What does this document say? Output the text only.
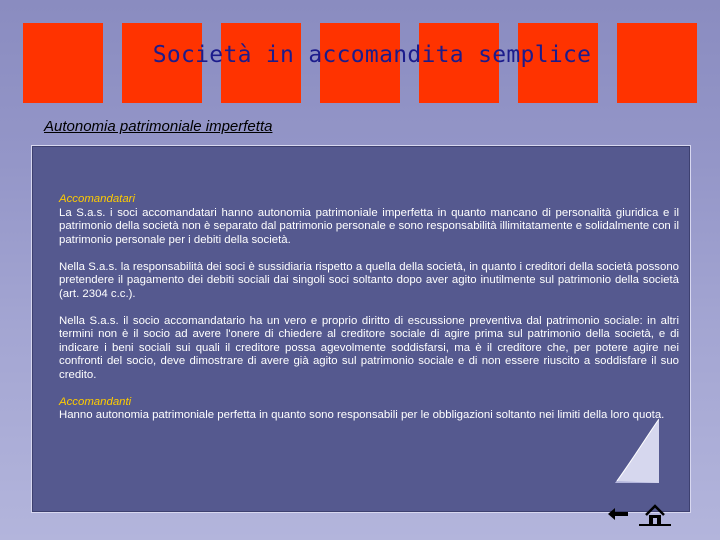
Società in accomandita semplice
Autonomia patrimoniale imperfetta
Accomandatari
La S.a.s. i soci accomandatari hanno autonomia patrimoniale imperfetta in quanto mancano di personalità giuridica e il patrimonio della società non è separato dal patrimonio personale e sono responsabilità illimitatamente e solidalmente con il patrimonio personale per i debiti della società.
Nella S.a.s. la responsabilità dei soci è sussidiaria rispetto a quella della società, in quanto i creditori della società possono pretendere il pagamento dei debiti sociali dai singoli soci soltanto dopo aver agito inutilmente sul patrimonio della società (art. 2304 c.c.).
Nella S.a.s. il socio accomandatario ha un vero e proprio diritto di escussione preventiva dal patrimonio sociale: in altri termini non è il socio ad avere l'onere di chiedere al creditore sociale di agire prima sul patrimonio della società, e di indicare i beni sociali sui quali il creditore possa agevolmente soddisfarsi, ma è il creditore che, per potere agire nei confronti del socio, deve dimostrare di avere già agito sul patrimonio sociale e di non essere riuscito a soddisfare il suo credito.
Accomandanti
Hanno autonomia patrimoniale perfetta in quanto sono responsabili per le obbligazioni soltanto nei limiti della loro quota.
